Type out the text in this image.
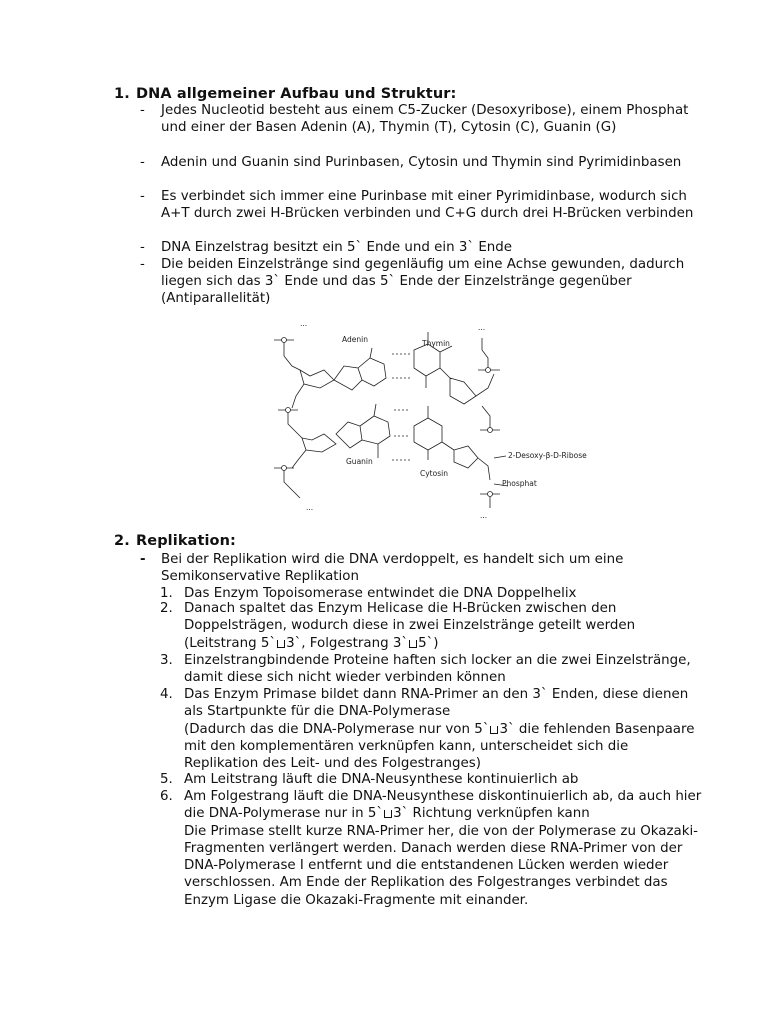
1. DNA allgemeiner Aufbau und Struktur:
- Jedes Nucleotid besteht aus einem C5-Zucker (Desoxyribose), einem Phosphat und einer der Basen Adenin (A), Thymin (T), Cytosin (C), Guanin (G)
- Adenin und Guanin sind Purinbasen, Cytosin und Thymin sind Pyrimidinbasen
- Es verbindet sich immer eine Purinbase mit einer Pyrimidinbase, wodurch sich A+T durch zwei H-Brücken verbinden und C+G durch drei H-Brücken verbinden
- DNA Einzelstrag besitzt ein 5` Ende und ein 3` Ende
- Die beiden Einzelstränge sind gegenläufig um eine Achse gewunden, dadurch liegen sich das 3` Ende und das 5` Ende der Einzelstränge gegenüber (Antiparallelität)
Adenin	Thymin
Guanin
Cytosin
2-Desoxy-β-D-Ribose
Phosphat
...	...
...
...
2. Replikation:
- Bei der Replikation wird die DNA verdoppelt, es handelt sich um eine Semikonservative Replikation
1. Das Enzym Topoisomerase entwindet die DNA Doppelhelix
2. Danach spaltet das Enzym Helicase die H-Brücken zwischen den Doppelsträgen, wodurch diese in zwei Einzelstränge geteilt werden
(Leitstrang 5` 3`, Folgestrang 3` 5`)
3. Einzelstrangbindende Proteine haften sich locker an die zwei Einzelstränge, damit diese sich nicht wieder verbinden können
4. Das Enzym Primase bildet dann RNA-Primer an den 3` Enden, diese dienen als Startpunkte für die DNA-Polymerase
(Dadurch das die DNA-Polymerase nur von 5` 3` die fehlenden Basenpaare mit den komplementären verknüpfen kann, unterscheidet sich die Replikation des Leit- und des Folgestranges)
5. Am Leitstrang läuft die DNA-Neusynthese kontinuierlich ab
6. Am Folgestrang läuft die DNA-Neusynthese diskontinuierlich ab, da auch hier die DNA-Polymerase nur in 5` 3` Richtung verknüpfen kann
Die Primase stellt kurze RNA-Primer her, die von der Polymerase zu Okazaki-Fragmenten verlängert werden. Danach werden diese RNA-Primer von der DNA-Polymerase I entfernt und die entstandenen Lücken werden wieder verschlossen. Am Ende der Replikation des Folgestranges verbindet das Enzym Ligase die Okazaki-Fragmente mit einander.
